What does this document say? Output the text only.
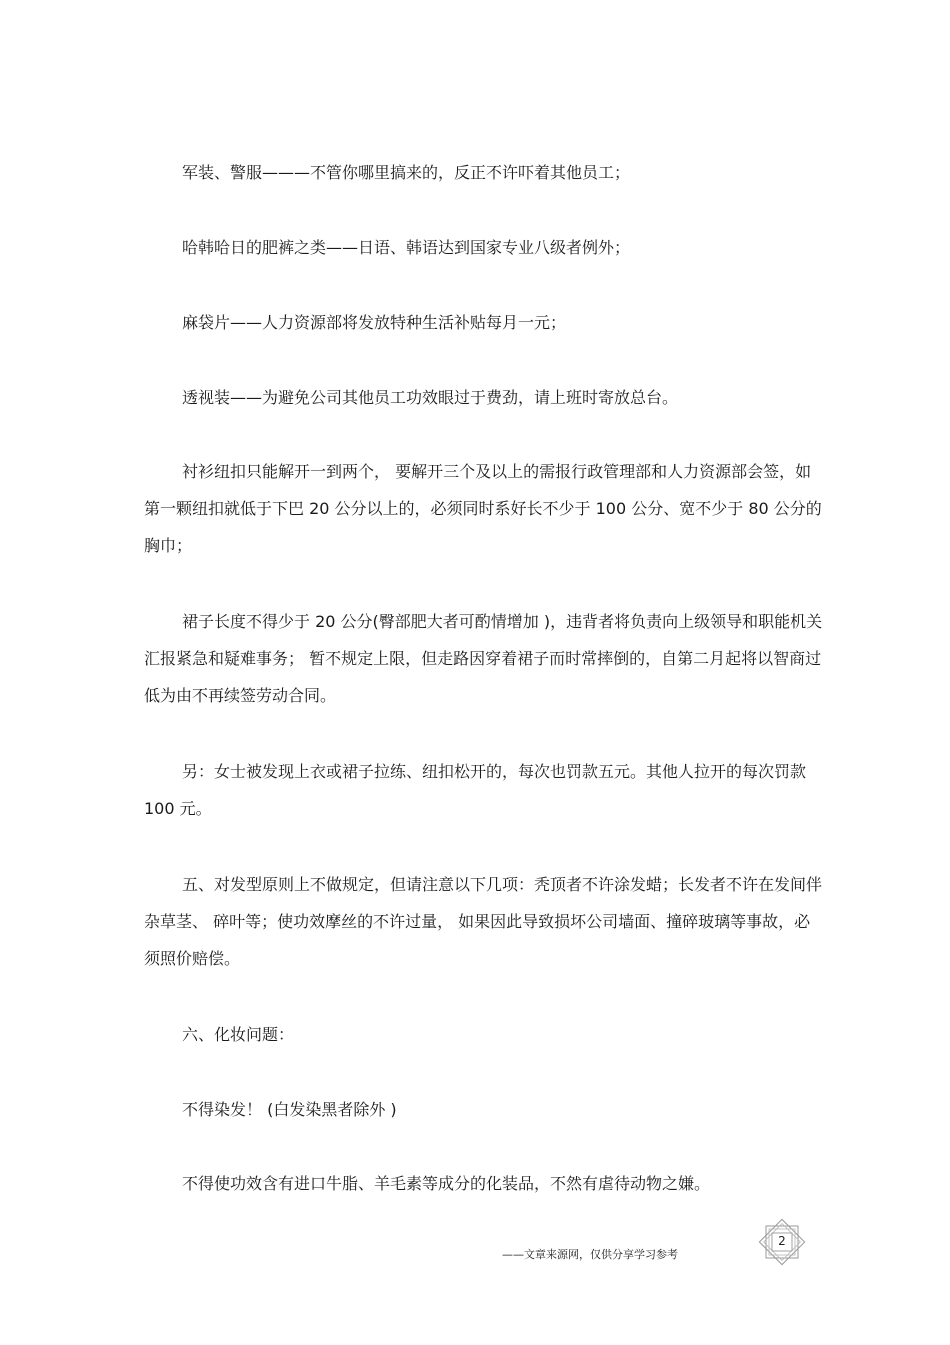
军装、警服———不管你哪里搞来的，反正不许吓着其他员工；

哈韩哈日的肥裤之类——日语、韩语达到国家专业八级者例外；

麻袋片——人力资源部将发放特种生活补贴每月一元；

透视装——为避免公司其他员工功效眼过于费劲，请上班时寄放总台。

衬衫纽扣只能解开一到两个， 要解开三个及以上的需报行政管理部和人力资源部会签，如第一颗纽扣就低于下巴 20 公分以上的，必须同时系好长不少于 100 公分、宽不少于 80 公分的胸巾；

裙子长度不得少于 20 公分(臀部肥大者可酌情增加 )，违背者将负责向上级领导和职能机关汇报紧急和疑难事务； 暂不规定上限，但走路因穿着裙子而时常摔倒的，自第二月起将以智商过低为由不再续签劳动合同。

另：女士被发现上衣或裙子拉练、纽扣松开的，每次也罚款五元。其他人拉开的每次罚款 100 元。

五、对发型原则上不做规定，但请注意以下几项：秃顶者不许涂发蜡；长发者不许在发间伴杂草茎、 碎叶等；使功效摩丝的不许过量， 如果因此导致损坏公司墙面、撞碎玻璃等事故，必须照价赔偿。

六、化妆问题：

不得染发！ (白发染黑者除外 )

不得使功效含有进口牛脂、羊毛素等成分的化装品，不然有虐待动物之嫌。

——文章来源网，仅供分享学习参考
2
